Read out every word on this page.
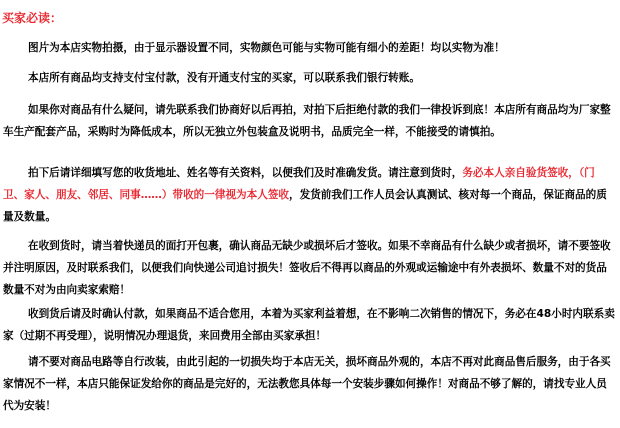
买家必读：

图片为本店实物拍摄，由于显示器设置不同，实物颜色可能与实物可能有细小的差距！均以实物为准！

本店所有商品均支持支付宝付款，没有开通支付宝的买家，可以联系我们银行转账。

如果你对商品有什么疑问，请先联系我们协商好以后再拍，对拍下后拒绝付款的我们一律投诉到底！本店所有商品均为厂家整车生产配套产品，采购时为降低成本，所以无独立外包装盒及说明书，品质完全一样，不能接受的请慎拍。

拍下后请详细填写您的收货地址、姓名等有关资料，以便我们及时准确发货。请注意到货时，务必本人亲自验货签收，（门卫、家人、朋友、邻居、同事……）带收的一律视为本人签收，发货前我们工作人员会认真测试、核对每一个商品，保证商品的质量及数量。

在收到货时，请当着快递员的面打开包裹，确认商品无缺少或损坏后才签收。如果不幸商品有什么缺少或者损坏，请不要签收并注明原因，及时联系我们，以便我们向快递公司追讨损失！签收后不得再以商品的外观或运输途中有外表损坏、数量不对的货品数量不对为由向卖家索赔！

收到货后请及时确认付款，如果商品不适合您用，本着为买家利益着想，在不影响二次销售的情况下，务必在48小时内联系卖家（过期不再受理），说明情况办理退货，来回费用全部由买家承担！

请不要对商品电路等自行改装，由此引起的一切损失均于本店无关，损坏商品外观的，本店不再对此商品售后服务，由于各买家情况不一样，本店只能保证发给你的商品是完好的，无法教您具体每一个安装步骤如何操作！对商品不够了解的，请找专业人员代为安装！
